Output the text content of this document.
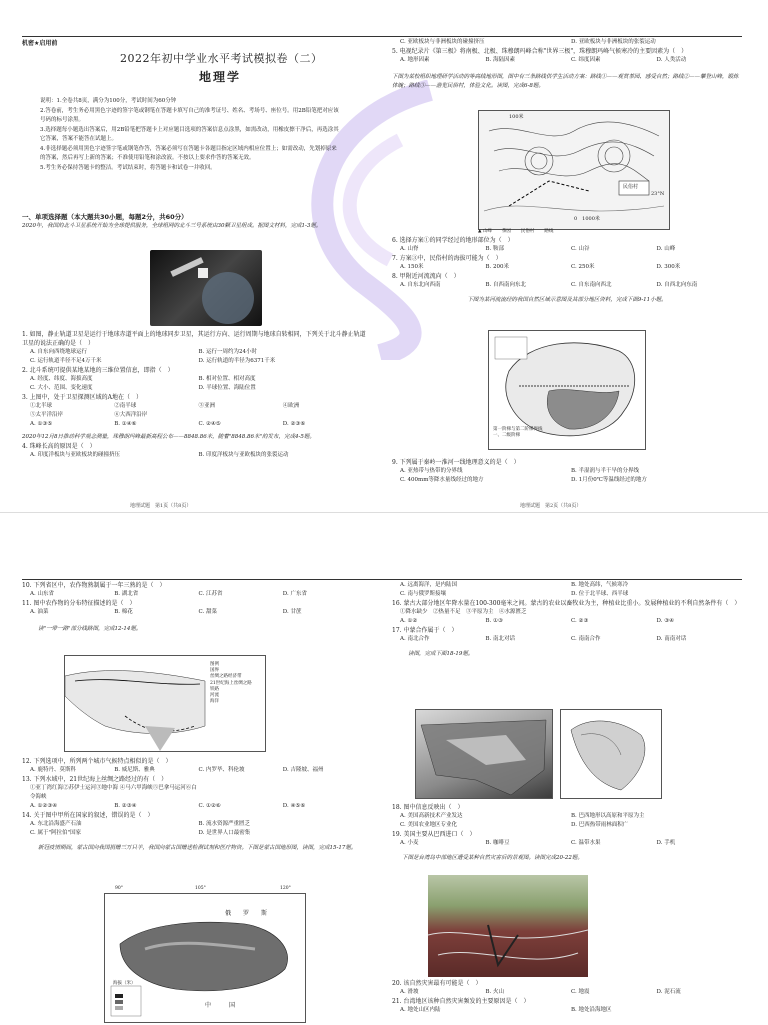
机密★启用前
2022年初中学业水平考试模拟卷（二）
地理学

说明：1.全卷共8页，满分为100分，考试时间为60分钟

2.答卷前，考生务必用黑色字迹的签字笔或钢笔在答题卡填写自己的准考证号、姓名、考场号、座位号。用2B铅笔把对应该号码的标号涂黑。

3.选择题每小题选出答案后，用2B铅笔把答题卡上对应题目选项的答案信息点涂黑，如需改动，用橡皮擦干净后，再选涂其它答案，答案不能答在试题上。

4.非选择题必须用黑色字迹签字笔或钢笔作答，答案必须写在答题卡各题目指定区域内相应位置上；如需改动，先划掉原来的答案，然后再写上新的答案；不准使用铅笔和涂改液。不按以上要求作答的答案无效。

5.考生务必保持答题卡的整洁。考试结束时，将答题卡和试卷一并收回。

一、单项选择题（本大题共30小题，每题2分，共60分）

2020年，我国的北斗卫星系统开始为全球提供服务，全球组网的北斗三号系统由30颗卫星组成。据图文材料，完成1-3题。

1. 如图，静止轨道卫星是运行于地球赤道平面上的地球同步卫星，其运行方向、运行周期与地球自转相同，下列关于北斗静止轨道卫星的说法正确的是（　）

A. 自东向西绕地球运行	B. 运行一周约为24小时
C. 运行轨道半径不足4万千米	D. 运行轨道的半径为6371千米

2. 北斗系统可提供某地某地的三维位置信息，即指（　）

A. 经度、纬度、海拔高度	B. 相对位置、相对高度
C. 大小、范围、变化速度	D. 半球位置、海陆位置

3. 上图中，处于卫星探测区域的A地在（　）

①北半球	②南半球	③亚洲	④欧洲
⑤太平洋沿岸	⑥大西洋沿岸
A. ①③⑤	B. ①④⑥	C. ②④⑤	D. ②③⑥

2020年12月8日推动科学观念测量，珠穆朗玛峰最新高程公布——8848.86米，随着"8848.86米"的发布，完成4-5题。

4. 珠峰长高的原因是（　）

A. 印度洋板块与亚欧板块的碰撞挤压	B. 印度洋板块与亚欧板块的张裂运动
地理试题　第1页（共8页）
C. 亚欧板块与非洲板块的碰撞挤压	D. 亚欧板块与非洲板块的张裂运动

5. 电视纪录片《第三极》将南极、北极、珠穆朗玛峰合称"世界三极"，珠穆朗玛峰气候寒冷的主要因素为（　）

A. 地形因素	B. 海陆因素	C. 纬度因素	D. 人类活动

下图为某校组织地理研学活动的等高线地形图，图中有三条路线供学生活动方案：路线①——观赏茶园、感受自然；路线②——攀登山峰，锻炼体魄；路线③——游览民俗村，体验文化。读图，完成6-8题。

民俗村
100米
23°N
0　1000米
▲ 山峰 茶园 民俗村 路线

6. 选择方案①的同学经过的地形部位为（　）

A. 山脊	B. 鞍部	C. 山谷	D. 山峰

7. 方案③中，民俗村的海拔可能为（　）

A. 150米	B. 200米	C. 250米	D. 300米

8. 甲附近河流流向（　）

A. 自东北向西南	B. 自西南向东北	C. 自东南向西北	D. 自西北向东南

下图为某河流流经的我国自然区域示意图及其部分地区资料，完成下面9-11小题。

第一阶梯与第二阶梯界线
一、二级阶梯

9. 下列属于秦岭一淮河一线地理意义的是（　）

A. 亚热带与热带的分界线	B. 半湿润与半干旱的分界线
C. 400mm等降水量线经过的地方	D. 1月份0℃等温线经过的地方
地理试题　第2页（共8页）

10. 下列省区中，农作物熟制属于一年三熟的是（　）

A. 山东省	B. 湖北省	C. 江苏省	D. 广东省

11. 图中农作物的分布特征描述的是（　）

A. 油菜	B. 棉花	C. 甜菜	D. 甘蔗

读"一带一路"部分线路图，完成12-14题。

图例
国界
丝绸之路经济带
21世纪海上丝绸之路
铁路
河流
海洋

12. 下列选项中，所列两个城市气候特点相似的是（　）

A. 鹿特丹、莫斯科	B. 威尼斯、雅典	C. 内罗毕、科伦坡	D. 吉隆坡、福州

13. 下列水域中，21世纪海上丝绸之路经过的有（　）

①亚丁湾红海②苏伊士运河③地中海 ④马六甲海峡⑤巴拿马运河⑥白令海峡
A. ①②③④	B. ②③④	C. ①②⑥	D. ④⑤⑥

14. 关于图中甲所在国家的叙述，错误的是（　）

A. 东北沿海盛产石油	B. 流水资源严重匮乏
C. 属于"阿拉伯"国家	D. 是世界人口最密集

新冠疫情期间，蒙古国向我国捐赠三万只羊，我国向蒙古国赠送检测试剂和医疗物资。下图是蒙古国地形图，读图，完成15-17题。

俄　罗　斯
中　　　国
海拔（米）
90°	105°	120°
A. 远离海洋，是内陆国	B. 地处高纬，气候寒冷
C. 南与俄罗斯接壤	D. 位于北半球、西半球

16. 蒙古大部分地区年降水量在100-300毫米之间。蒙古的农业以畜牧业为主，种植业比重小。发展种植业的不利自然条件有（　）

①降水缺少　②热量不足　③平原为主　④水源匮乏
A. ①②	B. ①③	C. ②③	D. ③④

17. 中蒙合作属于（　）

A. 南北合作	B. 南北对话	C. 南南合作	D. 南南对话

读图，完成下面18-19题。

18. 图中信息反映出（　）

A. 美国高新技术产业发达	B. 巴西地形以高原和平原为主
C. 美国农业地区专业化	D. 巴西热带雨林面积广

19. 美国主要从巴西进口（　）

A. 小麦	B. 咖啡豆	C. 温带水果	D. 手机

下图是台湾岛中部地区遭受某种自然灾害后的景观图。读图完成20-22题。

20. 该自然灾害最有可能是（　）

A. 滑坡	B. 火山	C. 地震	D. 泥石流

21. 台湾地区该种自然灾害频发的主要原因是（　）

A. 地处山区内陆	B. 地处沿海地区
